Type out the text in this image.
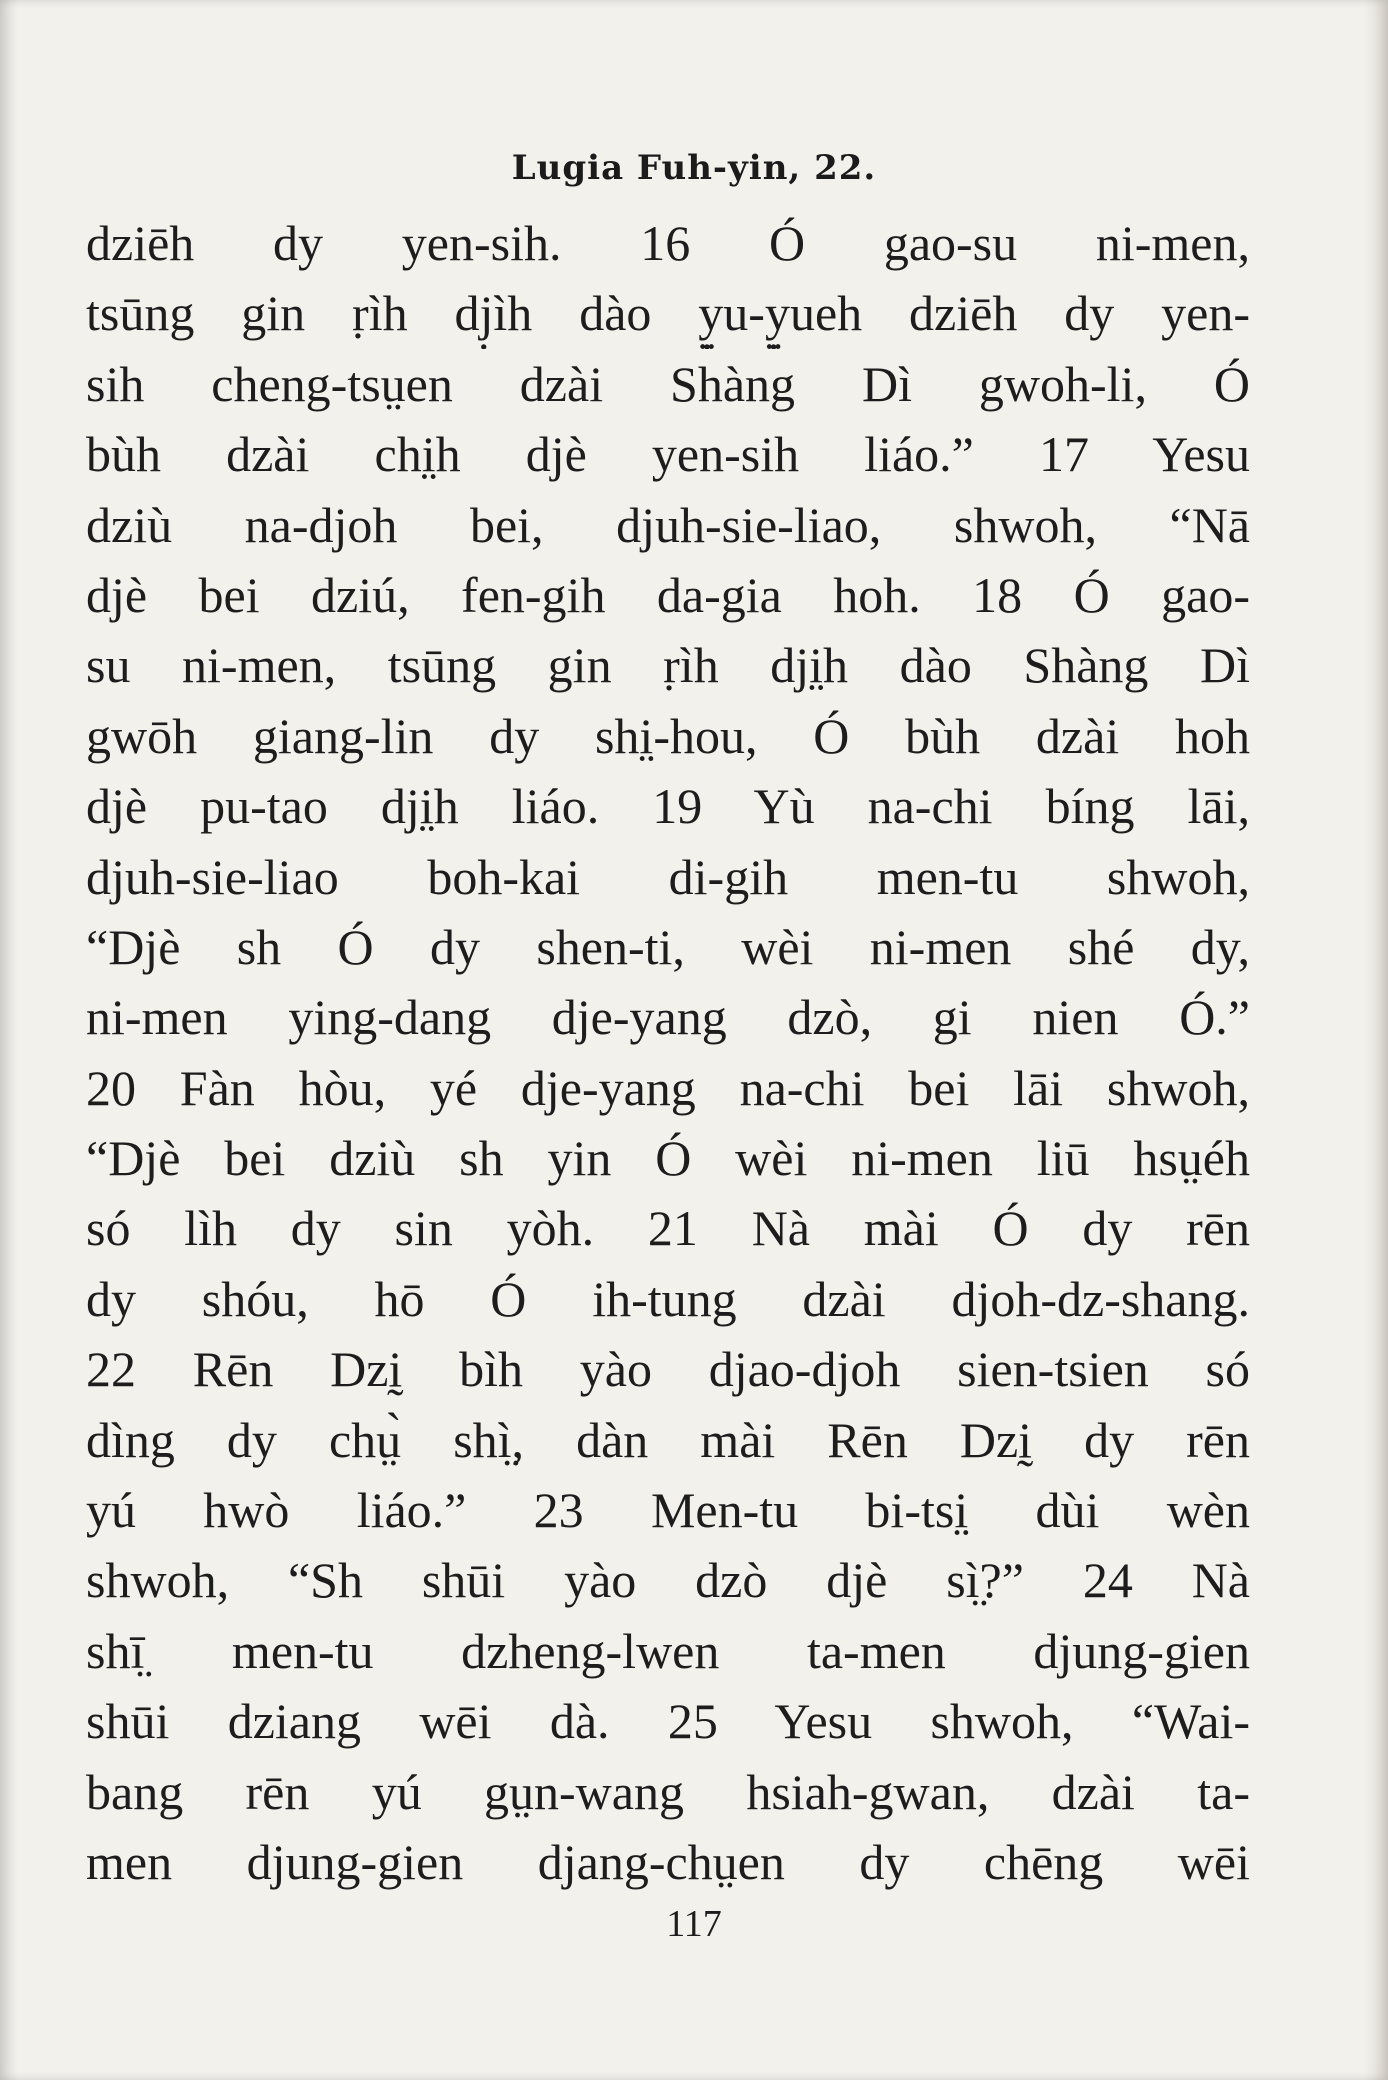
Lugia Fuh-yin, 22.
dziēh dy yen-sih. 16 Ó gao-su ni-men,
tsūng gin ṛìh dj̣ìh dào y̤̣u-y̤̣ueh dziēh dy yen-
sih cheng-tsṳen dzài Shàng Dì gwoh-li, Ó
bùh dzài chi̤h djè yen-sih liáo.” 17 Yesu
dziù na-djoh bei, djuh-sie-liao, shwoh, “Nā
djè bei dziú, fen-gih da-gia hoh. 18 Ó gao-
su ni-men, tsūng gin ṛìh dji̤h dào Shàng Dì
gwōh giang-lin dy shi̤-hou, Ó bùh dzài hoh
djè pu-tao dji̤h liáo. 19 Yù na-chi bíng lāi,
djuh-sie-liao boh-kai di-gih men-tu shwoh,
“Djè sh Ó dy shen-ti, wèi ni-men shé dy,
ni-men ying-dang dje-yang dzò, gi nien Ó.”
20 Fàn hòu, yé dje-yang na-chi bei lāi shwoh,
“Djè bei dziù sh yin Ó wèi ni-men liū hsṳéh
só lìh dy sin yòh. 21 Nà mài Ó dy rēn
dy shóu, hō Ó ih-tung dzài djoh-dz-shang.
22 Rēn Dzḭ bìh yào djao-djoh sien-tsien só
dìng dy chṳ̀ shì̤, dàn mài Rēn Dzḭ dy rēn
yú hwò liáo.” 23 Men-tu bi-tsi̤ dùi wèn
shwoh, “Sh shūi yào dzò djè sì̤?” 24 Nà
shī̤ men-tu dzheng-lwen ta-men djung-gien
shūi dziang wēi dà. 25 Yesu shwoh, “Wai-
bang rēn yú gṳn-wang hsiah-gwan, dzài ta-
men djung-gien djang-chṳen dy chēng wēi
117
